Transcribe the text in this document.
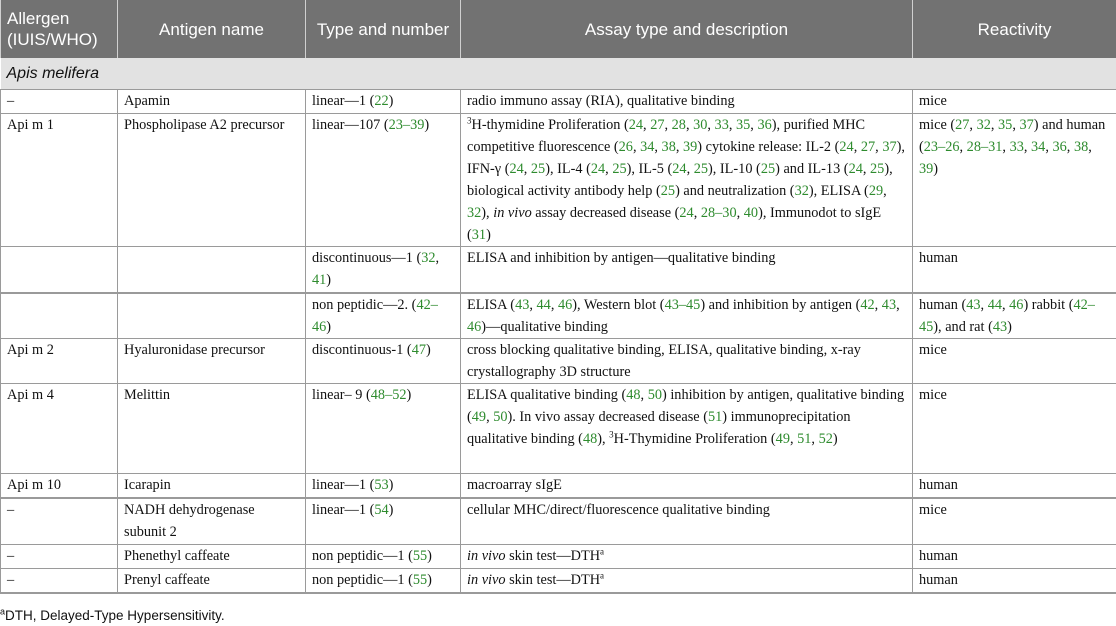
Allergen (IUIS/WHO)	Antigen name	Type and number	Assay type and description	Reactivity
Apis melifera				
–	Apamin	linear—1 (22)	radio immuno assay (RIA), qualitative binding	mice
Api m 1	Phospholipase A2 precursor	linear—107 (23–39)	$^3$H-thymidine Proliferation (24, 27, 28, 30, 33, 35, 36), purified MHC competitive fluorescence (26, 34, 38, 39) cytokine release: IL-2 (24, 27, 37), IFN-γ (24, 25), IL-4 (24, 25), IL-5 (24, 25), IL-10 (25) and IL-13 (24, 25), biological activity antibody help (25) and neutralization (32), ELISA (29, 32), in vivo assay decreased disease (24, 28–30, 40), Immunodot to sIgE (31)	mice (27, 32, 35, 37) and human (23–26, 28–31, 33, 34, 36, 38, 39)
		discontinuous—1 (32, 41)	ELISA and inhibition by antigen—qualitative binding	human
		non peptidic—2. (42–46)	ELISA (43, 44, 46), Western blot (43–45) and inhibition by antigen (42, 43, 46)—qualitative binding	human (43, 44, 46) rabbit (42–45), and rat (43)
Api m 2	Hyaluronidase precursor	discontinuous-1 (47)	cross blocking qualitative binding, ELISA, qualitative binding, x-ray crystallography 3D structure	mice
Api m 4	Melittin	linear– 9 (48–52)	ELISA qualitative binding (48, 50) inhibition by antigen, qualitative binding (49, 50). In vivo assay decreased disease (51) immunoprecipitation qualitative binding (48), $^3$H-Thymidine Proliferation (49, 51, 52)	mice
Api m 10	Icarapin	linear—1 (53)	macroarray sIgE	human
–	NADH dehydrogenase subunit 2	linear—1 (54)	cellular MHC/direct/fluorescence qualitative binding	mice
–	Phenethyl caffeate	non peptidic—1 (55)	in vivo skin test—DTH$^a$	human
–	Prenyl caffeate	non peptidic—1 (55)	in vivo skin test—DTH$^a$	human
$^a$DTH, Delayed-Type Hypersensitivity.
